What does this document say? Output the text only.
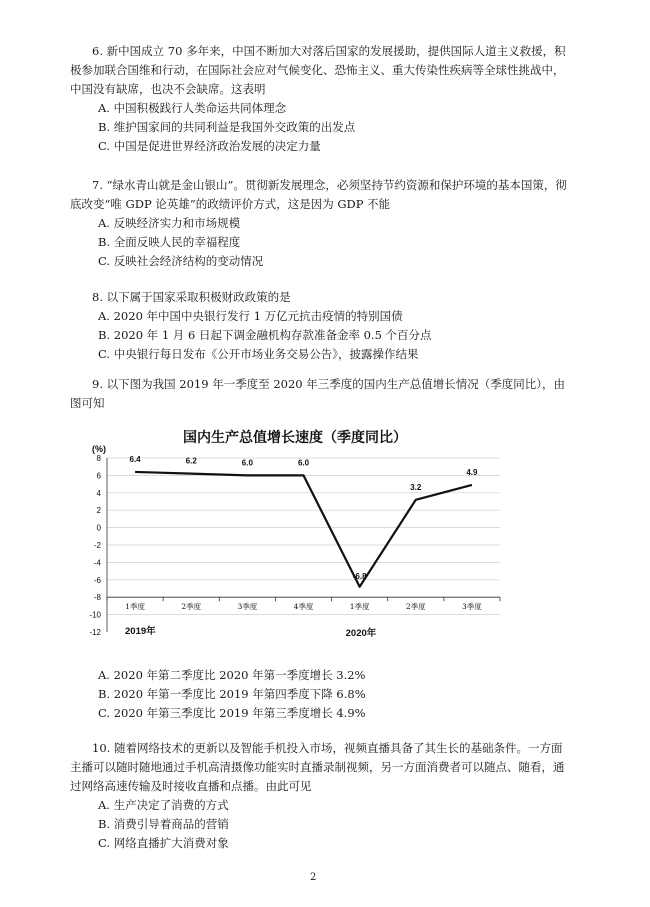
6. 新中国成立 70 多年来，中国不断加大对落后国家的发展援助，提供国际人道主义救援，积极参加联合国维和行动，在国际社会应对气候变化、恐怖主义、重大传染性疾病等全球性挑战中，中国没有缺席，也决不会缺席。这表明
A. 中国积极践行人类命运共同体理念
B. 维护国家间的共同利益是我国外交政策的出发点
C. 中国是促进世界经济政治发展的决定力量
7. “绿水青山就是金山银山”。贯彻新发展理念，必须坚持节约资源和保护环境的基本国策，彻底改变“唯 GDP 论英雄”的政绩评价方式，这是因为 GDP 不能
A. 反映经济实力和市场规模
B. 全面反映人民的幸福程度
C. 反映社会经济结构的变动情况
8. 以下属于国家采取积极财政政策的是
A. 2020 年中国中央银行发行 1 万亿元抗击疫情的特别国债
B. 2020 年 1 月 6 日起下调金融机构存款准备金率 0.5 个百分点
C. 中央银行每日发布《公开市场业务交易公告》，披露操作结果
9. 以下图为我国 2019 年一季度至 2020 年三季度的国内生产总值增长情况（季度同比），由图可知
国内生产总值增长速度（季度同比）
(%)
8
6
4
2
0
-2
-4
-6
-8
-10
-12
1季度	2季度	3季度	4季度	1季度	2季度	3季度
6.4	6.2	6.0	6.0
-6.8
3.2
4.9
2019年	2020年
A. 2020 年第二季度比 2020 年第一季度增长 3.2%
B. 2020 年第一季度比 2019 年第四季度下降 6.8%
C. 2020 年第三季度比 2019 年第三季度增长 4.9%
10. 随着网络技术的更新以及智能手机投入市场，视频直播具备了其生长的基础条件。一方面主播可以随时随地通过手机高清摄像功能实时直播录制视频，另一方面消费者可以随点、随看，通过网络高速传输及时接收直播和点播。由此可见
A. 生产决定了消费的方式
B. 消费引导着商品的营销
C. 网络直播扩大消费对象
2
